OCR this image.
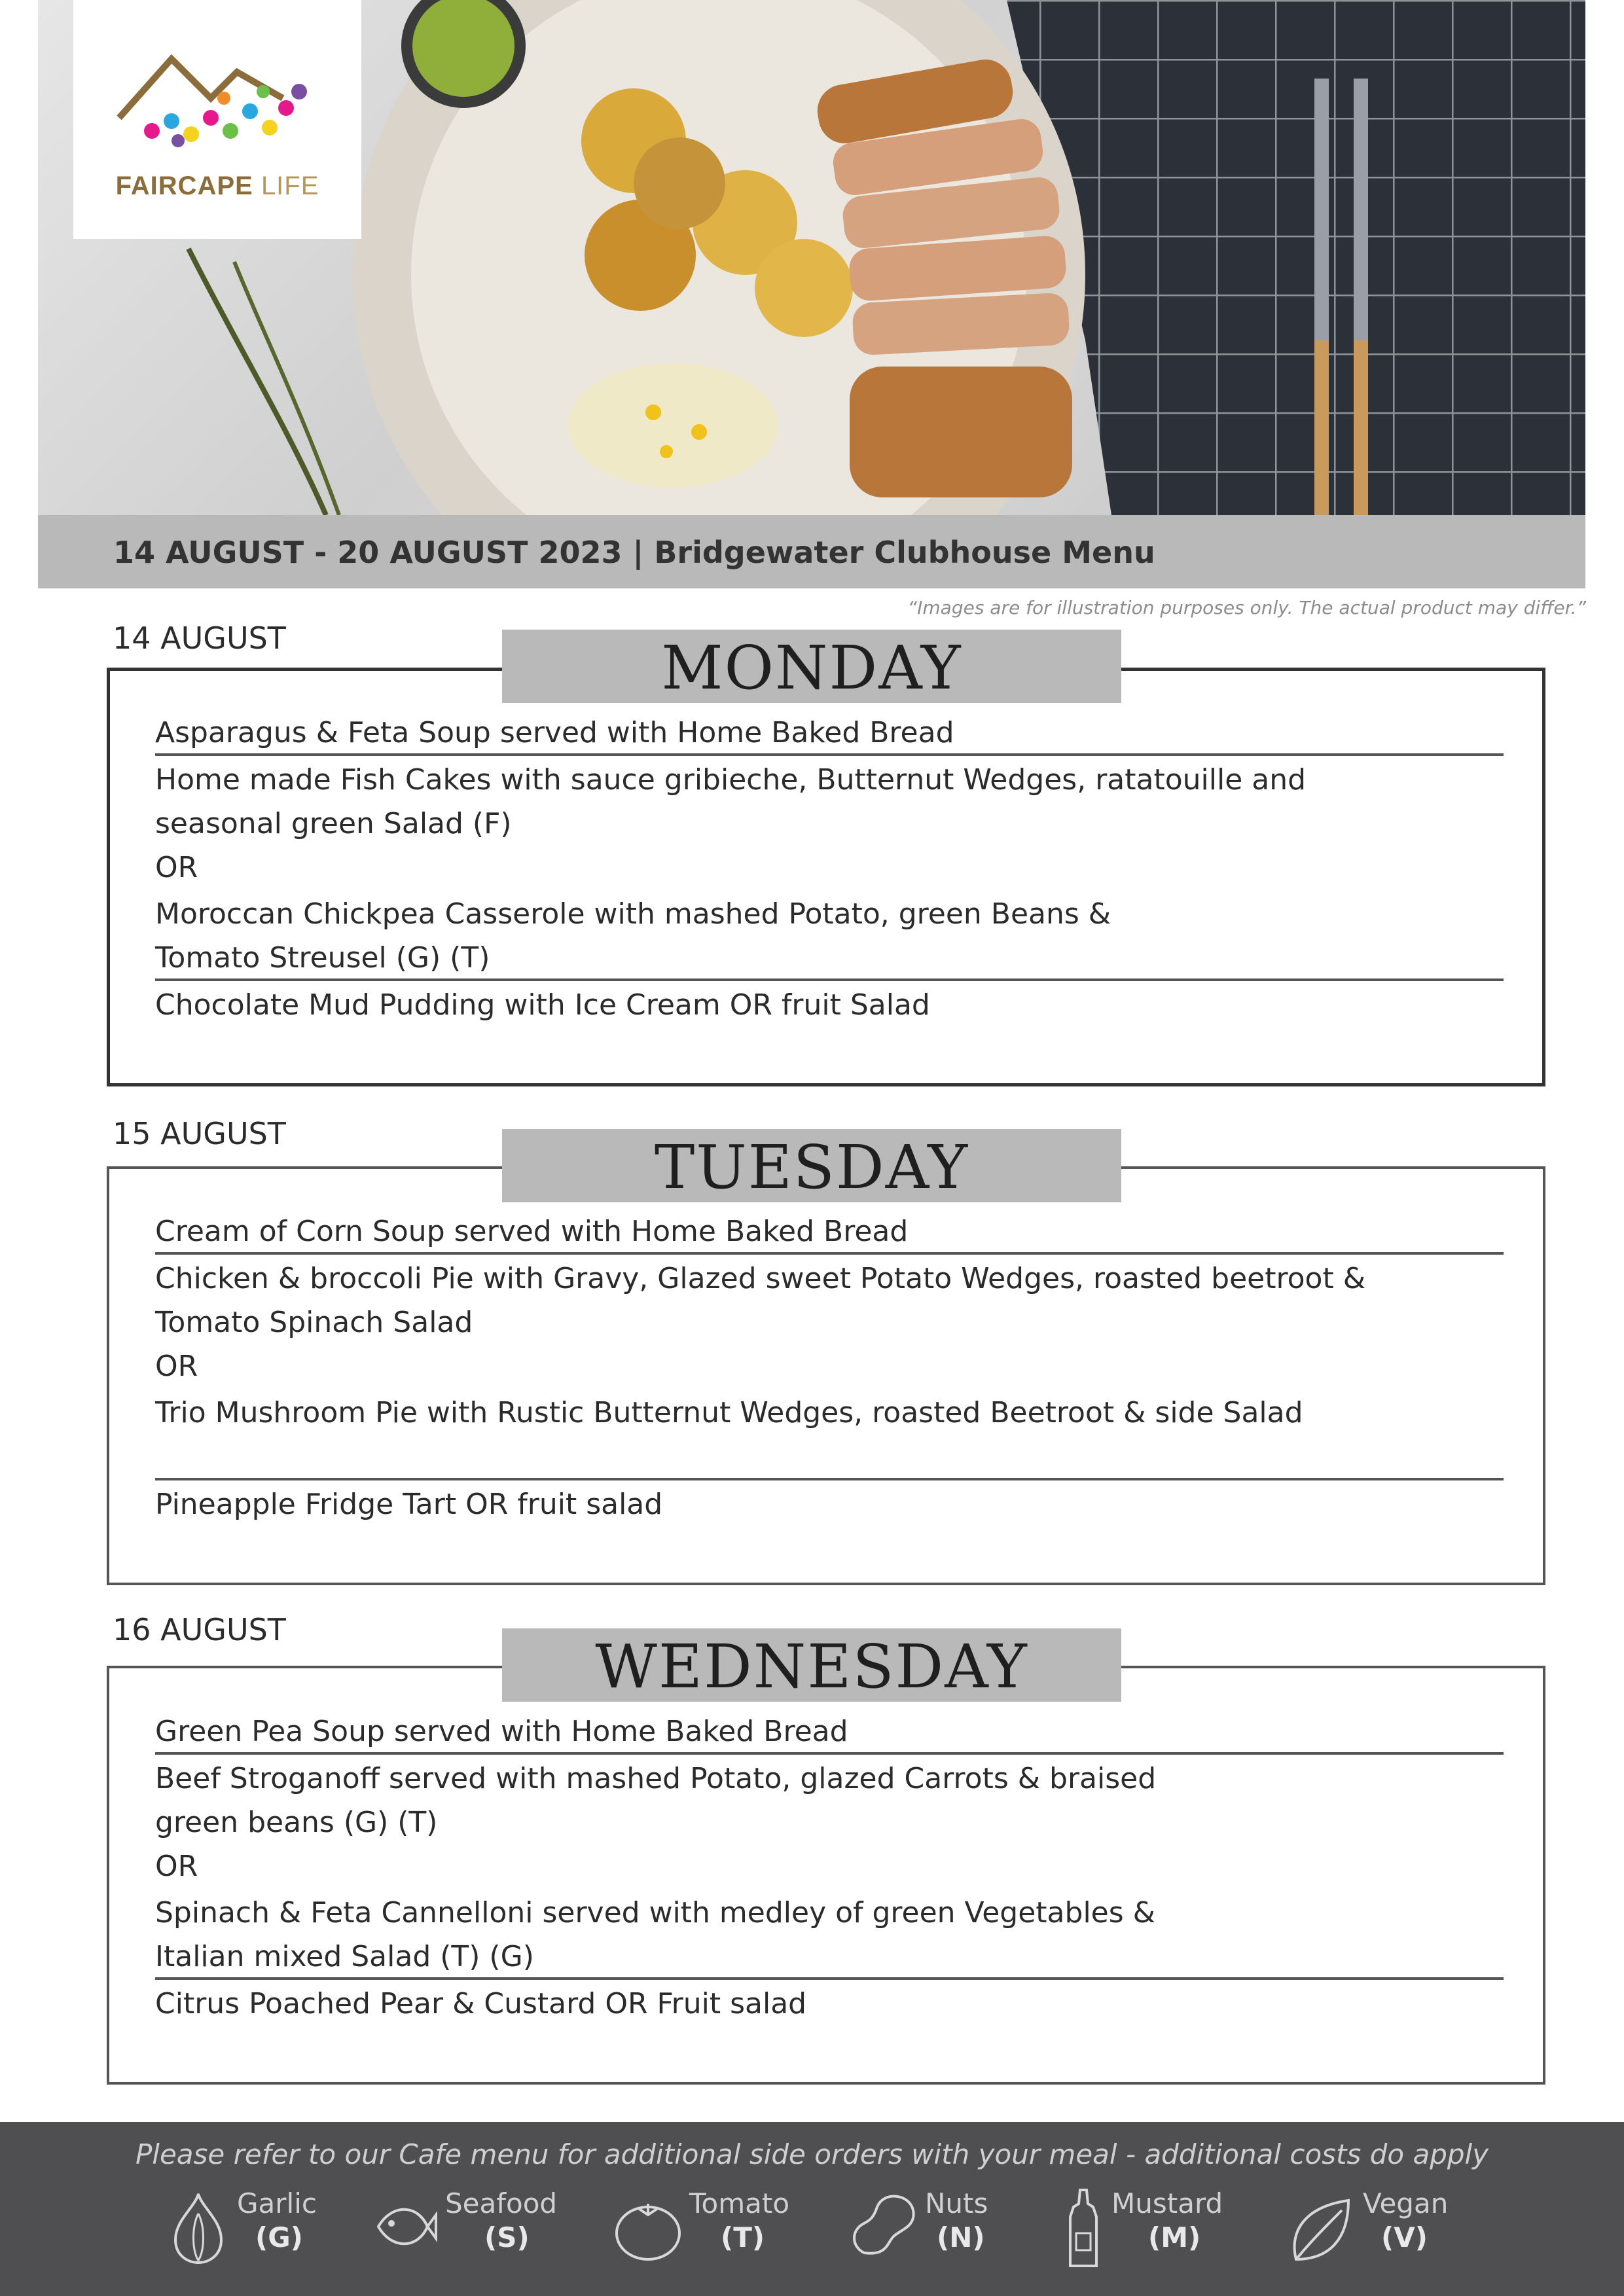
FAIRCAPE LIFE
14 AUGUST - 20 AUGUST 2023 | Bridgewater Clubhouse Menu
“Images are for illustration purposes only. The actual product may differ.”
14 AUGUST	MONDAY
Asparagus & Feta Soup served with Home Baked Bread
Home made Fish Cakes with sauce gribieche, Butternut Wedges, ratatouille and
seasonal green Salad (F)
OR
Moroccan Chickpea Casserole with mashed Potato, green Beans &
Tomato Streusel (G) (T)
Chocolate Mud Pudding with Ice Cream OR fruit Salad
15 AUGUST	TUESDAY
Cream of Corn Soup served with Home Baked Bread
Chicken & broccoli Pie with Gravy, Glazed sweet Potato Wedges, roasted beetroot &
Tomato Spinach Salad
OR
Trio Mushroom Pie with Rustic Butternut Wedges, roasted Beetroot & side Salad
Pineapple Fridge Tart OR fruit salad
16 AUGUST
WEDNESDAY
Green Pea Soup served with Home Baked Bread
Beef Stroganoff served with mashed Potato, glazed Carrots & braised
green beans (G) (T)
OR
Spinach & Feta Cannelloni served with medley of green Vegetables &
Italian mixed Salad (T) (G)
Citrus Poached Pear & Custard OR Fruit salad
Please refer to our Cafe menu for additional side orders with your meal - additional costs do apply
Garlic
(G)
Seafood
(S)
Tomato
(T)
Nuts
(N)
Mustard
(M)
Vegan
(V)
